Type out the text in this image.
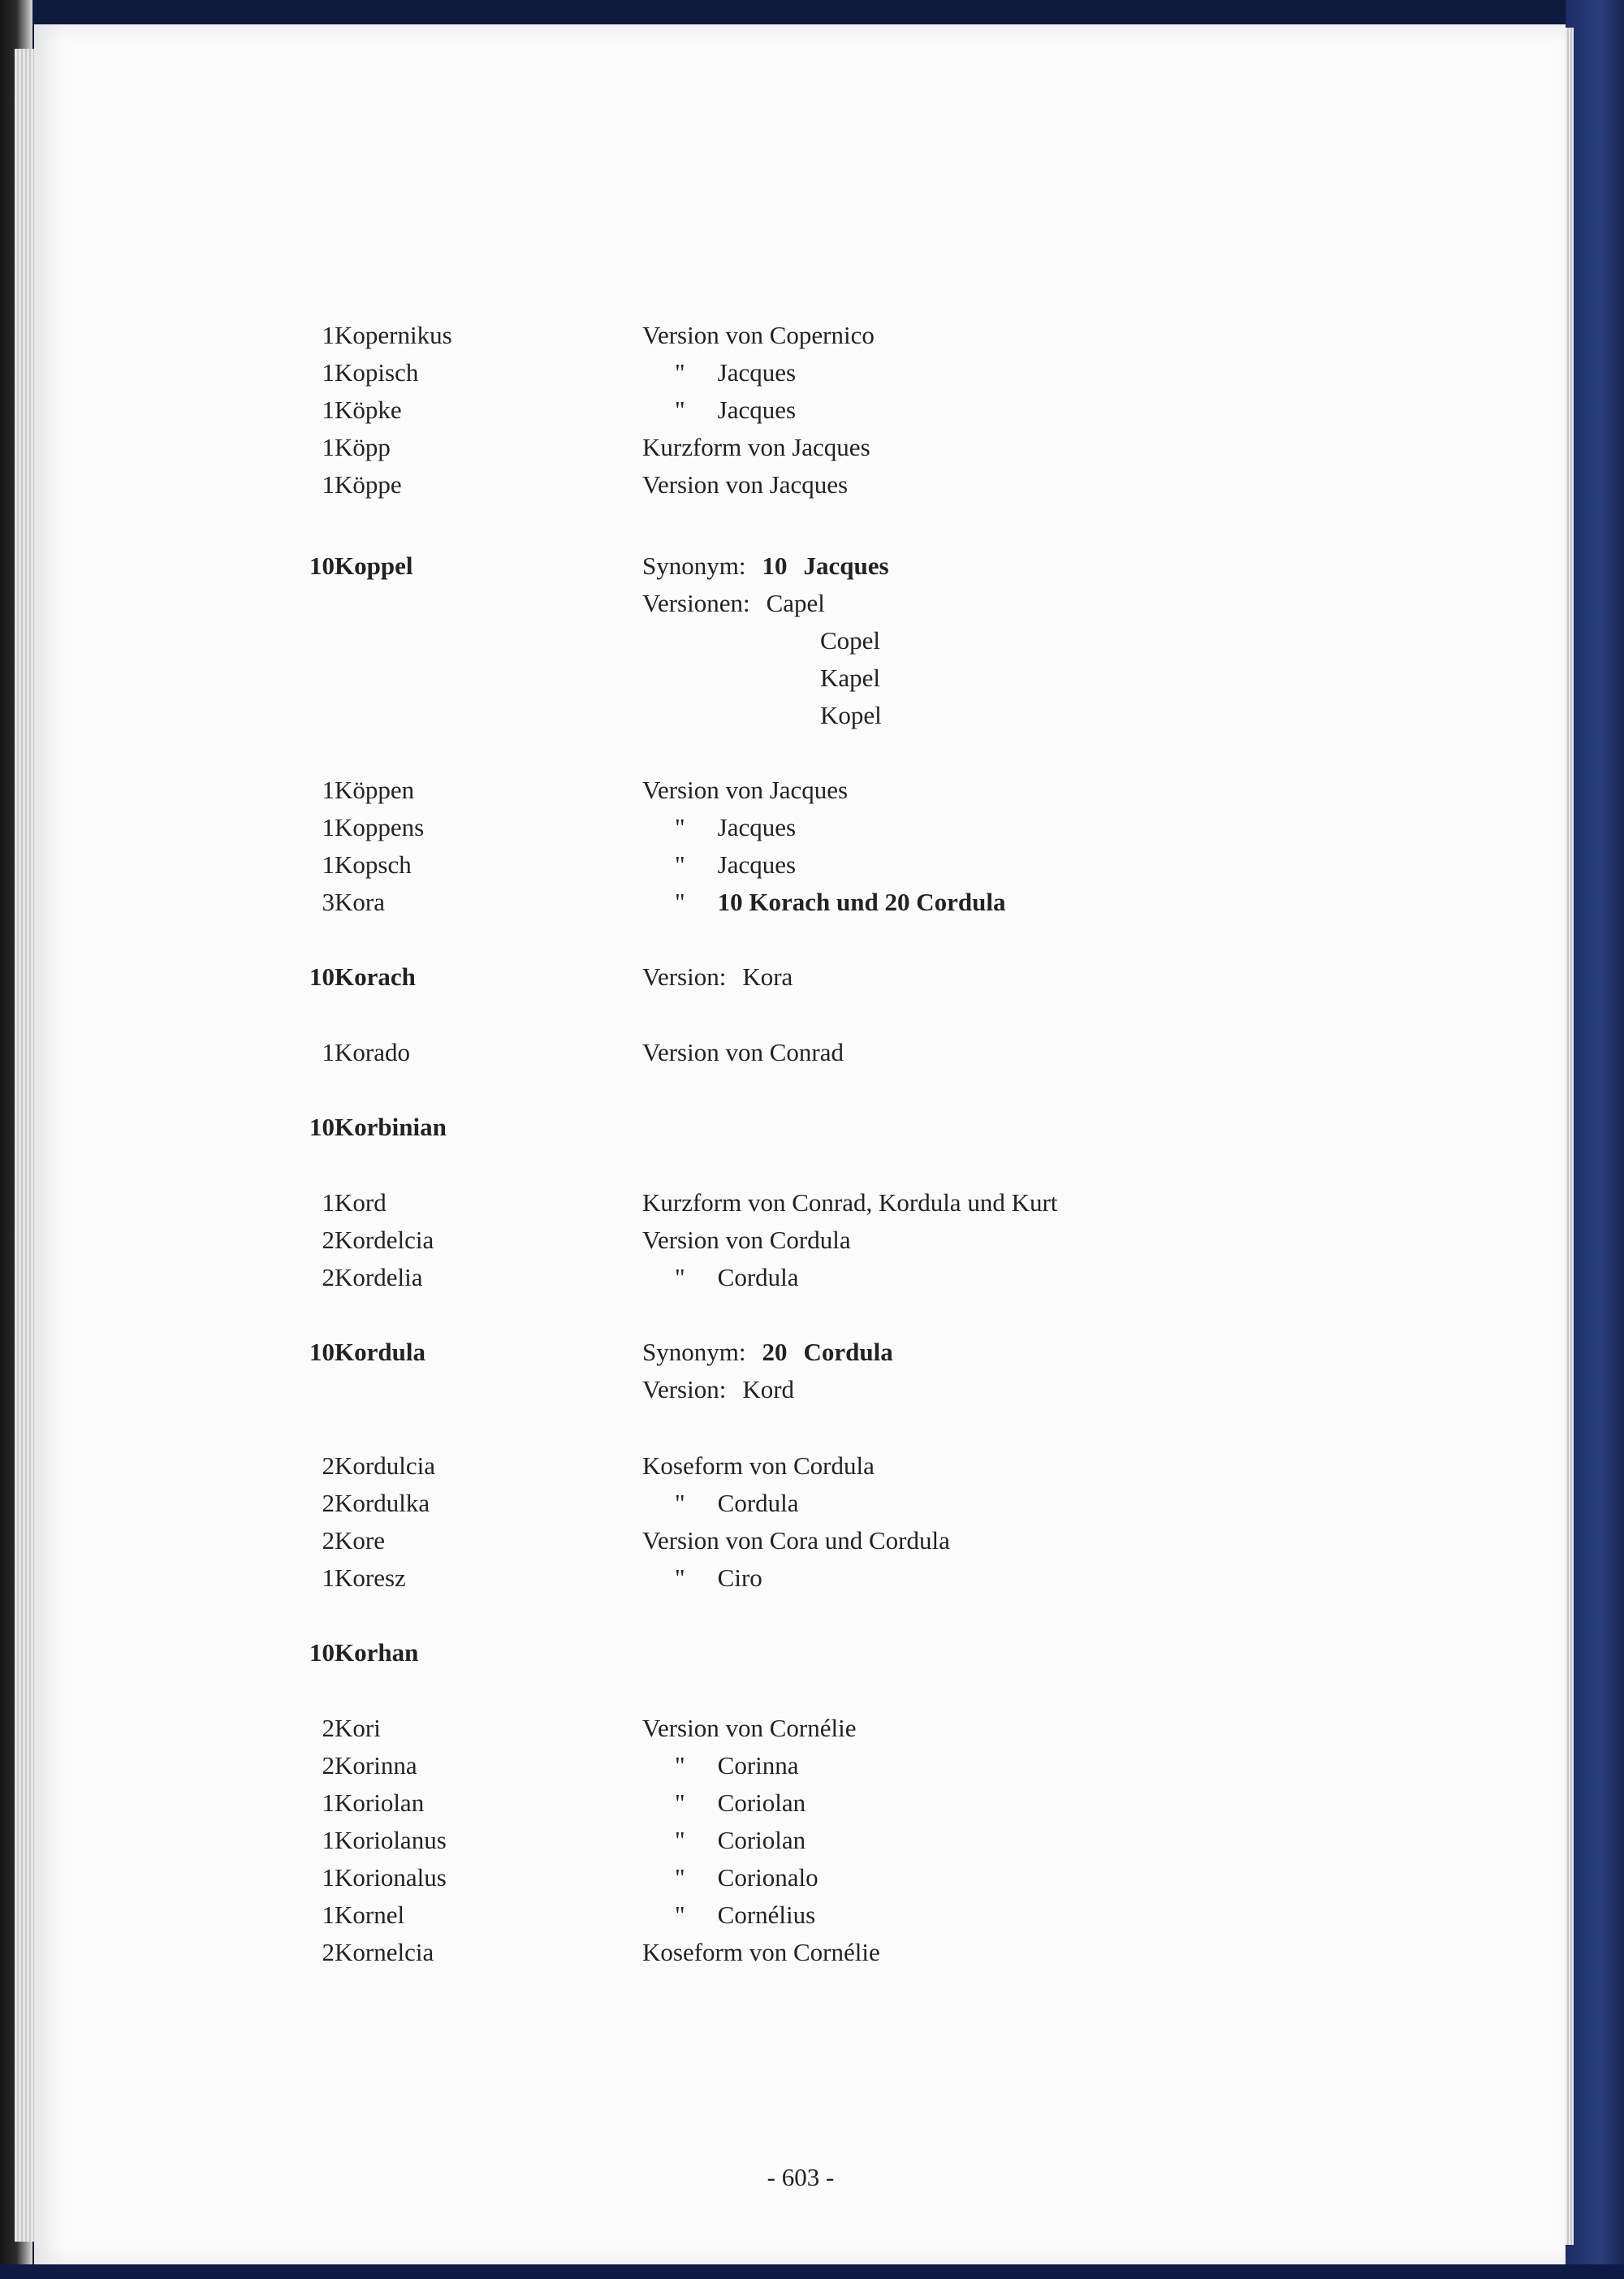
1 Kopernikus	Version von Copernico
1 Kopisch	" Jacques
1 Köpke	" Jacques
1 Köpp	Kurzform von Jacques
1 Köppe	Version von Jacques
10 Koppel	Synonym: 10 Jacques
Versionen: Capel
Copel
Kapel
Kopel
1 Köppen	Version von Jacques
1 Koppens	" Jacques
1 Kopsch	" Jacques
3 Kora	" 10 Korach und 20 Cordula
10 Korach	Version: Kora
1 Korado	Version von Conrad
10 Korbinian
1 Kord	Kurzform von Conrad, Kordula und Kurt
2 Kordelcia	Version von Cordula
2 Kordelia	" Cordula
10 Kordula	Synonym: 20 Cordula
Version: Kord
2 Kordulcia	Koseform von Cordula
2 Kordulka	" Cordula
2 Kore	Version von Cora und Cordula
1 Koresz	" Ciro
10 Korhan
2 Kori	Version von Cornélie
2 Korinna	" Corinna
1 Koriolan	" Coriolan
1 Koriolanus	" Coriolan
1 Korionalus	" Corionalo
1 Kornel	" Cornélius
2 Kornelcia	Koseform von Cornélie
- 603 -
